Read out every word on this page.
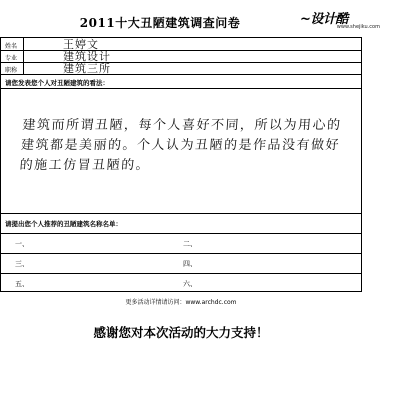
2011十大丑陋建筑调查问卷	~设计酷
www.shejiku.com
姓名	王婷文
专业	建筑设计
职称	建筑三所
请您发表您个人对丑陋建筑的看法：
建筑而所谓丑陋，每个人喜好不同，所以为用心的建筑都是美丽的。个人认为丑陋的是作品没有做好的施工仿冒丑陋的。
请提出您个人推荐的丑陋建筑名称名单：
一、	二、
三、	四、
五、	六、
更多活动详情请访问：www.archdc.com
感谢您对本次活动的大力支持！
